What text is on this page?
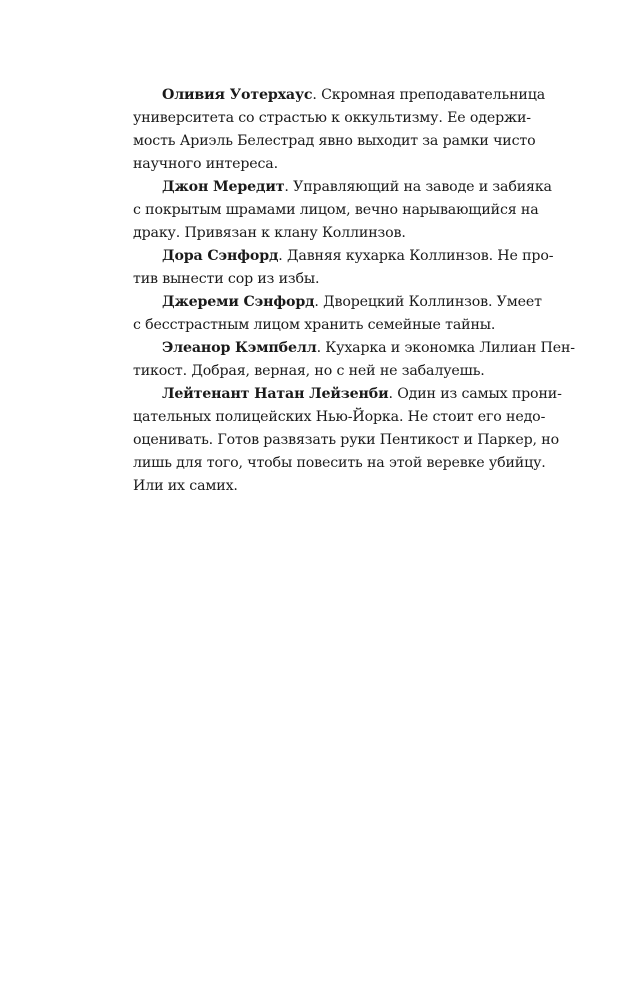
Оливия Уотерхаус. Скромная преподавательница
университета со страстью к оккультизму. Ее одержи-
мость Ариэль Белестрад явно выходит за рамки чисто
научного интереса.
Джон Мередит. Управляющий на заводе и забияка
с покрытым шрамами лицом, вечно нарывающийся на
драку. Привязан к клану Коллинзов.
Дора Сэнфорд. Давняя кухарка Коллинзов. Не про-
тив вынести сор из избы.
Джереми Сэнфорд. Дворецкий Коллинзов. Умеет
с бесстрастным лицом хранить семейные тайны.
Элеанор Кэмпбелл. Кухарка и экономка Лилиан Пен-
тикост. Добрая, верная, но с ней не забалуешь.
Лейтенант Натан Лейзенби. Один из самых прони-
цательных полицейских Нью-Йорка. Не стоит его недо-
оценивать. Готов развязать руки Пентикост и Паркер, но
лишь для того, чтобы повесить на этой веревке убийцу.
Или их самих.
